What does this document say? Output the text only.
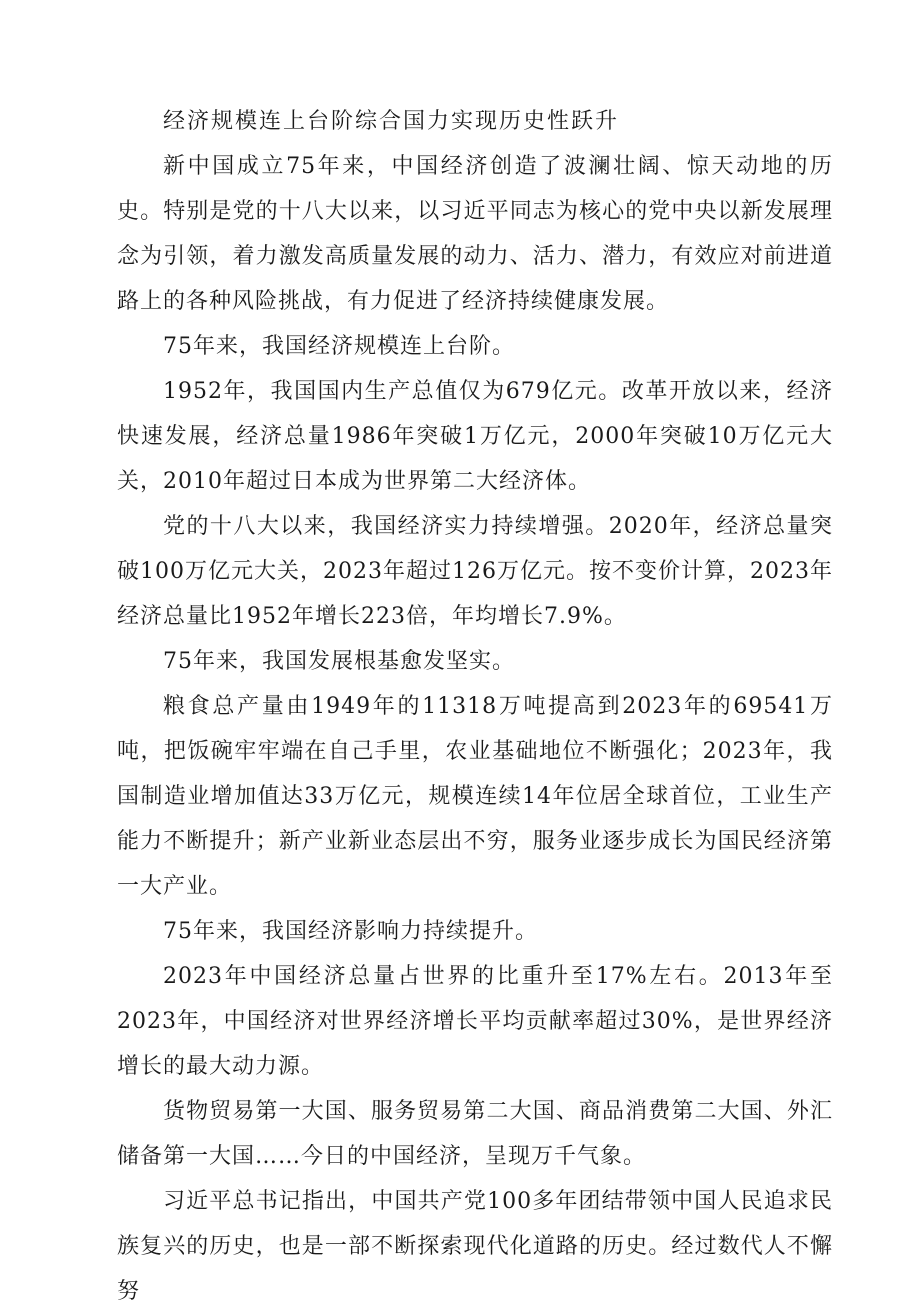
经济规模连上台阶综合国力实现历史性跃升

新中国成立75年来，中国经济创造了波澜壮阔、惊天动地的历史。特别是党的十八大以来，以习近平同志为核心的党中央以新发展理念为引领，着力激发高质量发展的动力、活力、潜力，有效应对前进道路上的各种风险挑战，有力促进了经济持续健康发展。

75年来，我国经济规模连上台阶。

1952年，我国国内生产总值仅为679亿元。改革开放以来，经济快速发展，经济总量1986年突破1万亿元，2000年突破10万亿元大关，2010年超过日本成为世界第二大经济体。

党的十八大以来，我国经济实力持续增强。2020年，经济总量突破100万亿元大关，2023年超过126万亿元。按不变价计算，2023年经济总量比1952年增长223倍，年均增长7.9%。

75年来，我国发展根基愈发坚实。

粮食总产量由1949年的11318万吨提高到2023年的69541万吨，把饭碗牢牢端在自己手里，农业基础地位不断强化；2023年，我国制造业增加值达33万亿元，规模连续14年位居全球首位，工业生产能力不断提升；新产业新业态层出不穷，服务业逐步成长为国民经济第一大产业。

75年来，我国经济影响力持续提升。

2023年中国经济总量占世界的比重升至17%左右。2013年至2023年，中国经济对世界经济增长平均贡献率超过30%，是世界经济增长的最大动力源。

货物贸易第一大国、服务贸易第二大国、商品消费第二大国、外汇储备第一大国……今日的中国经济，呈现万千气象。

习近平总书记指出，中国共产党100多年团结带领中国人民追求民族复兴的历史，也是一部不断探索现代化道路的历史。经过数代人不懈努
